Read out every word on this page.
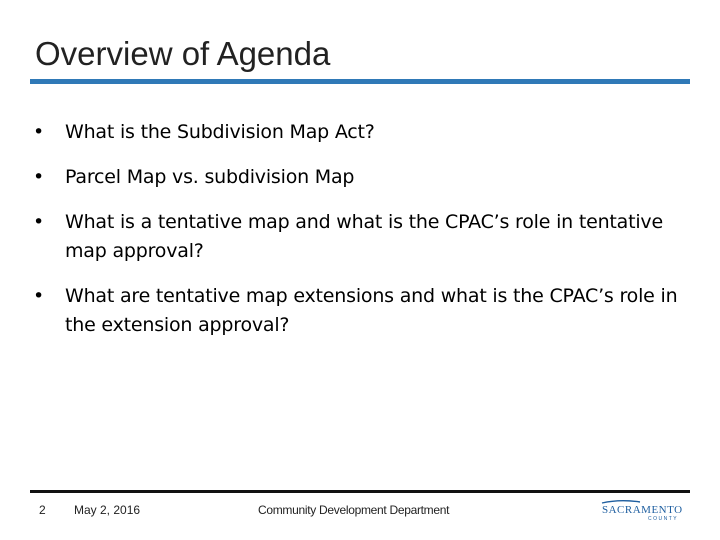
Overview of Agenda
• What is the Subdivision Map Act?
• Parcel Map vs. subdivision Map
• What is a tentative map and what is the CPAC’s role in tentative map approval?
• What are tentative map extensions and what is the CPAC’s role in the extension approval?
2 May 2, 2016	Community Development Department	SACRAMENTO
COUNTY
